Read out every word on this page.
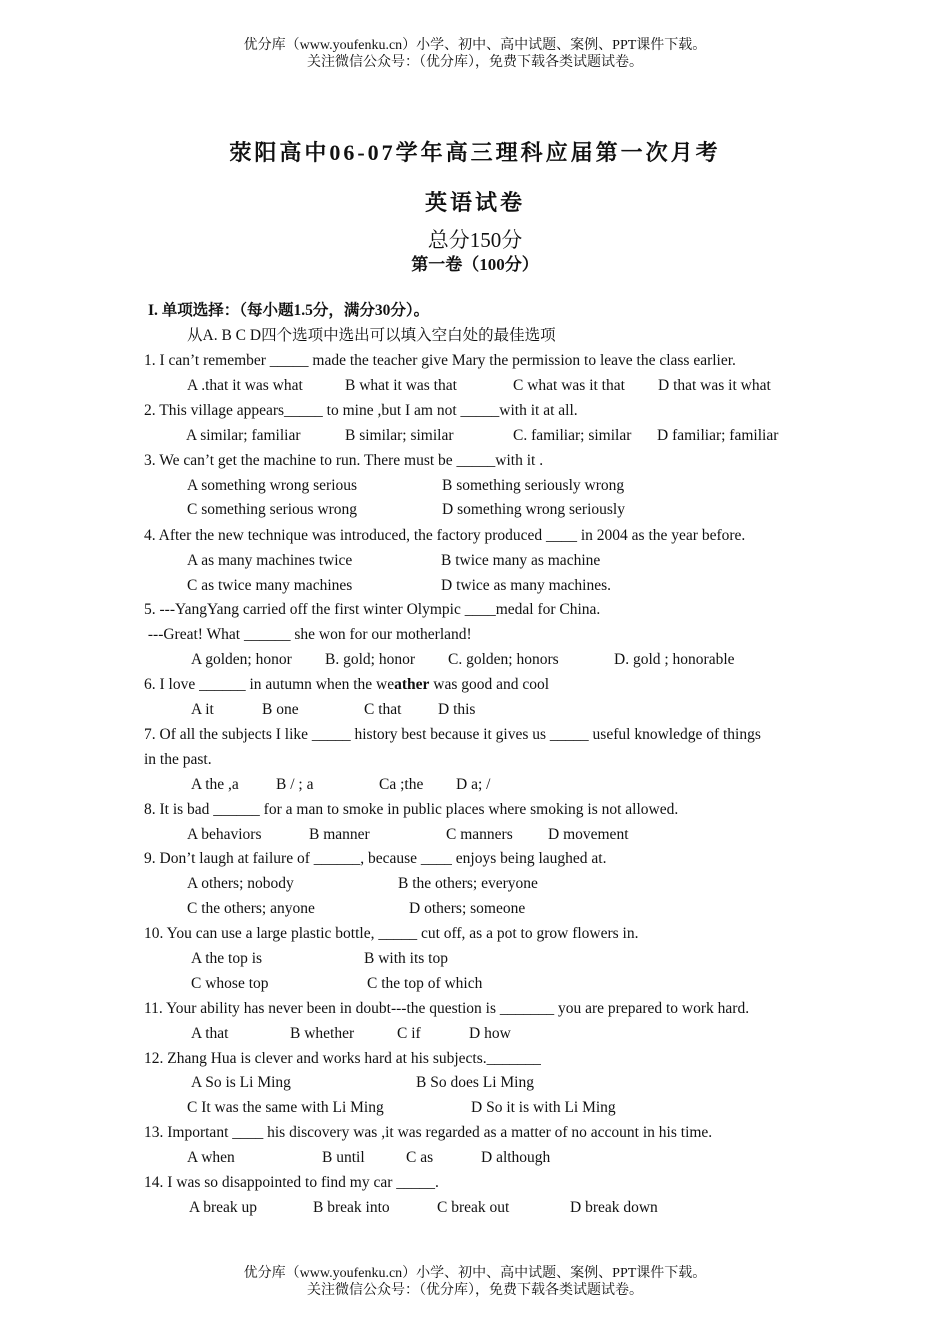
优分库（www.youfenku.cn）小学、初中、高中试题、案例、PPT课件下载。
关注微信公众号：（优分库），免费下载各类试题试卷。
荥阳高中06-07学年高三理科应届第一次月考
英语试卷
总分150分
第一卷（100分）
I. 单项选择：（每小题1.5分，满分30分）。
从A. B C D四个选项中选出可以填入空白处的最佳选项
1. I can’t remember _____ made the teacher give Mary the permission to leave the class earlier.

A .that it was what

	B what it was that

	C what was it that

D that was it what

2. This village appears_____ to mine ,but I am not _____with it at all.

A similar; familiar

	B similar; similar

	C. familiar; similar

D familiar; familiar

3. We can’t get the machine to run. There must be _____with it .

A something wrong serious

	B something seriously wrong

C something serious wrong

	D something wrong seriously

4. After the new technique was introduced, the factory produced ____ in 2004 as the year before.

A as many machines twice

	B twice many as machine

C as twice many machines

	D twice as many machines.

5. ---YangYang carried off the first winter Olympic ____medal for China.
---Great! What ______ she won for our motherland!

A golden; honor

B. gold; honor

C. golden; honors

	D. gold ; honorable

6. I love ______ in autumn when the weather was good and cool

A it

	B one

	C that

D this

7. Of all the subjects I like _____ history best because it gives us _____ useful knowledge of things
in the past.

A the ,a

B / ; a

	Ca ;the

D a; /

8. It is bad ______ for a man to smoke in public places where smoking is not allowed.

A behaviors

	B manner

	C manners

D movement

9. Don’t laugh at failure of ______, because ____ enjoys being laughed at.

A others; nobody

	B the others; everyone

C the others; anyone

	D others; someone

10. You can use a large plastic bottle, _____ cut off, as a pot to grow flowers in.

A the top is

	B with its top

C whose top

	C the top of which

11. Your ability has never been in doubt---the question is _______ you are prepared to work hard.

A that

	B whether

	C if

	D how

12. Zhang Hua is clever and works hard at his subjects._______

A So is Li Ming

	B So does Li Ming

C It was the same with Li Ming

	D So it is with Li Ming

13. Important ____ his discovery was ,it was regarded as a matter of no account in his time.

A when

	B until

	C as

	D although

14. I was so disappointed to find my car _____.

A break up

	B break into

	C break out

	D break down

优分库（www.youfenku.cn）小学、初中、高中试题、案例、PPT课件下载。
关注微信公众号：（优分库），免费下载各类试题试卷。
